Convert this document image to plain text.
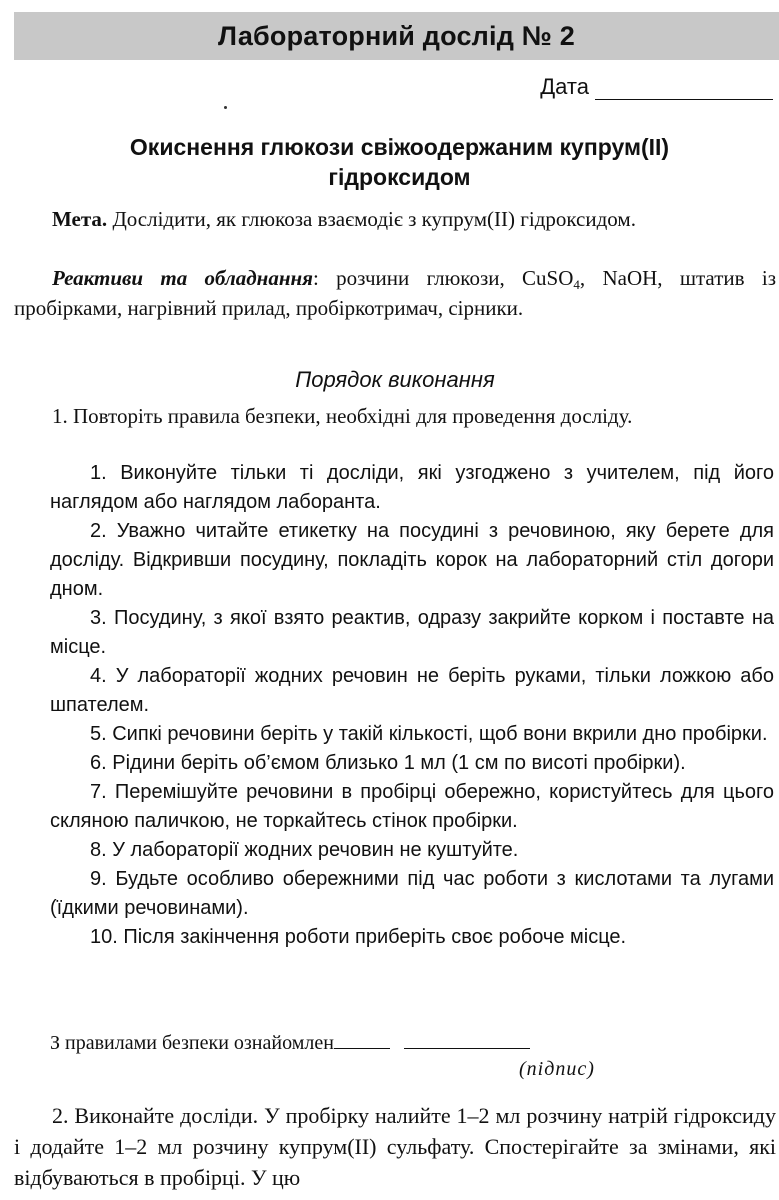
Лабораторний дослід № 2
Дата
Окиснення глюкози свіжоодержаним купрум(ІІ)
гідроксидом
Мета. Дослідити, як глюкоза взаємодіє з купрум(ІІ) гідроксидом.
Реактиви та обладнання: розчини глюкози, CuSO$_4$, NaOH, штатив із пробірками, нагрівний прилад, пробіркотримач, сірники.
Порядок виконання
1. Повторіть правила безпеки, необхідні для проведення досліду.

1. Виконуйте тільки ті досліди, які узгоджено з учителем, під його наглядом або наглядом лаборанта.

2. Уважно читайте етикетку на посудині з речовиною, яку берете для досліду. Відкривши посудину, покладіть корок на лабораторний стіл догори дном.

3. Посудину, з якої взято реактив, одразу закрийте корком і поставте на місце.

4. У лабораторії жодних речовин не беріть руками, тільки ложкою або шпателем.

5. Сипкі речовини беріть у такій кількості, щоб вони вкрили дно пробірки.

6. Рідини беріть об’ємом близько 1 мл (1 см по висоті пробірки).

7. Перемішуйте речовини в пробірці обережно, користуйтесь для цього скляною паличкою, не торкайтесь стінок пробірки.

8. У лабораторії жодних речовин не куштуйте.

9. Будьте особливо обережними під час роботи з кислотами та лугами (їдкими речовинами).

10. Після закінчення роботи приберіть своє робоче місце.

З правилами безпеки ознайомлен
(підпис)
2. Виконайте досліди. У пробірку налийте 1–2 мл розчину натрій гідроксиду і додайте 1–2 мл розчину купрум(ІІ) сульфату. Спостерігайте за змінами, які відбуваються в пробірці. У цю
